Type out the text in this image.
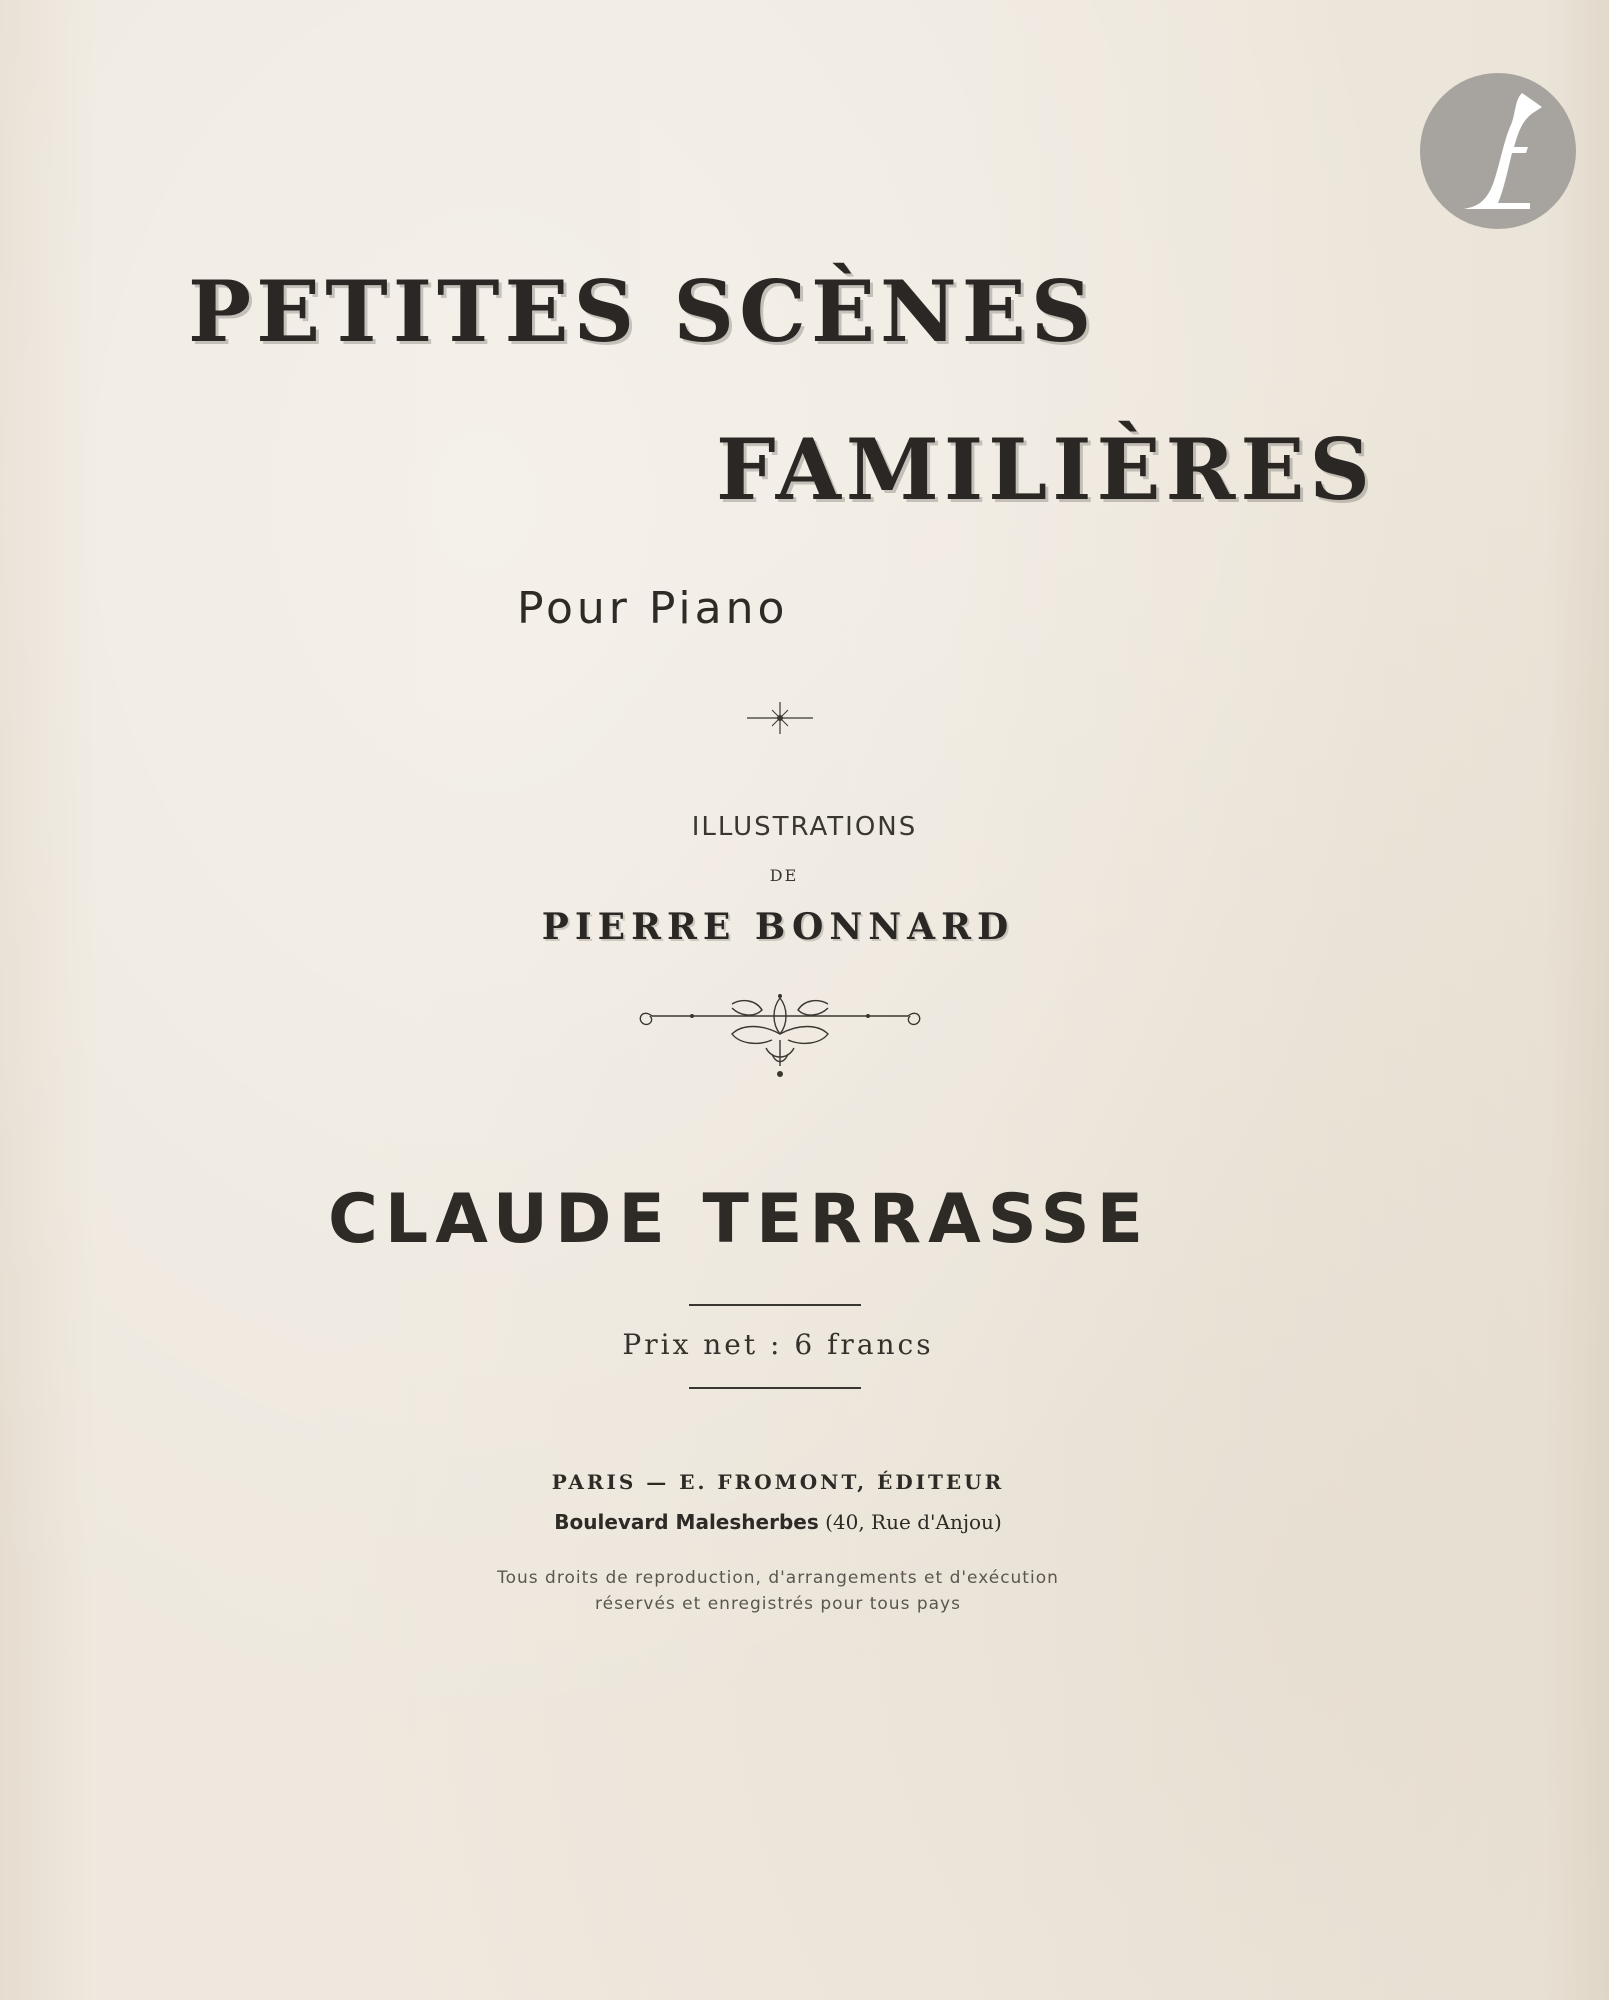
PETITES SCÈNES
FAMILIÈRES
Pour Piano
ILLUSTRATIONS
DE
PIERRE BONNARD
CLAUDE TERRASSE
Prix net : 6 francs
PARIS — E. FROMONT, ÉDITEUR
Boulevard Malesherbes (40, Rue d'Anjou)
Tous droits de reproduction, d'arrangements et d'exécution
réservés et enregistrés pour tous pays
